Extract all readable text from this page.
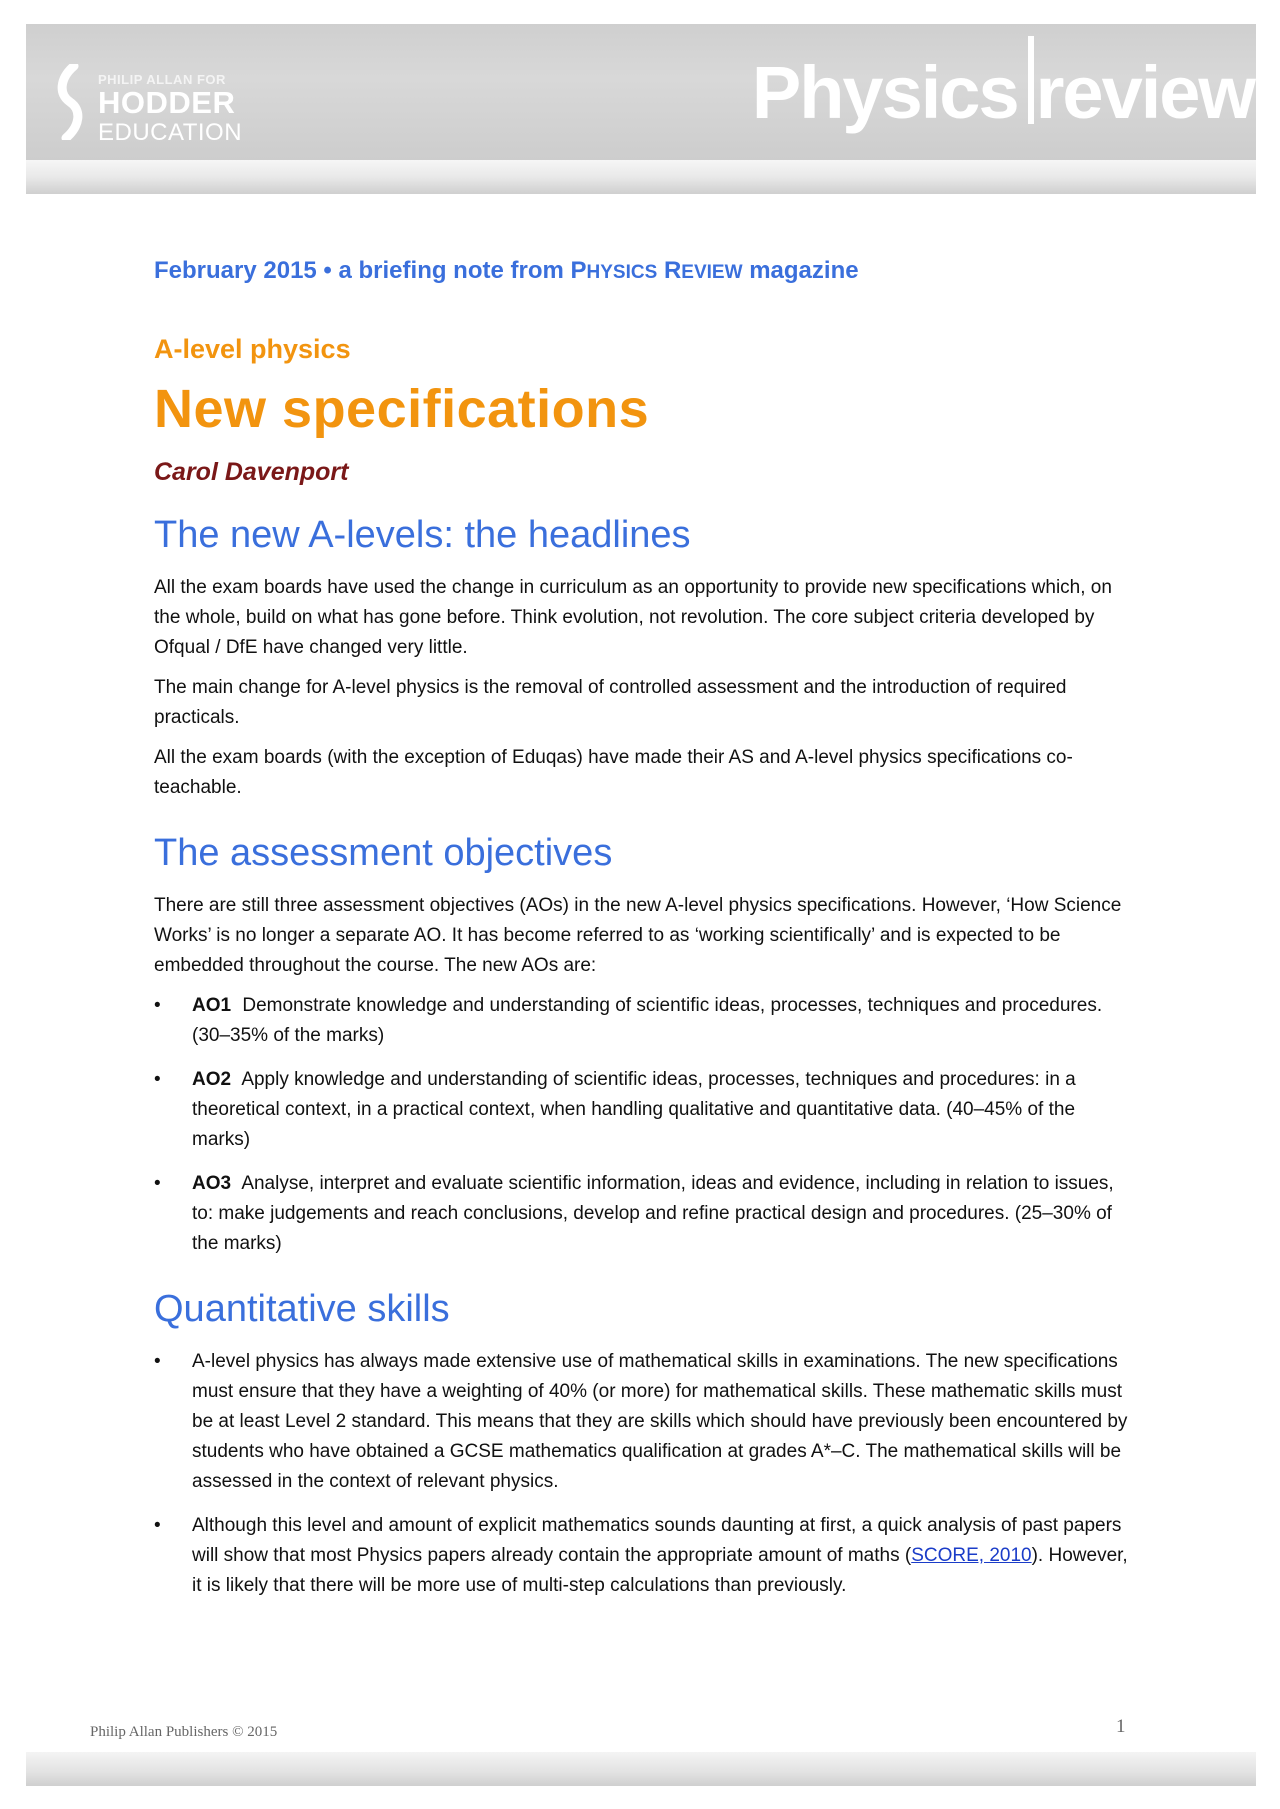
PHILIP ALLAN FOR
HODDER
EDUCATION	Physics review

February 2015 • a briefing note from PHYSICS REVIEW magazine

A-level physics
New specifications
Carol Davenport
The new A-levels: the headlines

All the exam boards have used the change in curriculum as an opportunity to provide new specifications which, on the whole, build on what has gone before. Think evolution, not revolution. The core subject criteria developed by Ofqual / DfE have changed very little.

The main change for A-level physics is the removal of controlled assessment and the introduction of required practicals.

All the exam boards (with the exception of Eduqas) have made their AS and A-level physics specifications co-teachable.

The assessment objectives

There are still three assessment objectives (AOs) in the new A-level physics specifications. However, ‘How Science Works’ is no longer a separate AO. It has become referred to as ‘working scientifically’ and is expected to be embedded throughout the course. The new AOs are:

• AO1 Demonstrate knowledge and understanding of scientific ideas, processes, techniques and procedures. (30–35% of the marks)
• AO2 Apply knowledge and understanding of scientific ideas, processes, techniques and procedures: in a theoretical context, in a practical context, when handling qualitative and quantitative data. (40–45% of the marks)
• AO3 Analyse, interpret and evaluate scientific information, ideas and evidence, including in relation to issues, to: make judgements and reach conclusions, develop and refine practical design and procedures. (25–30% of the marks)
Quantitative skills
• A-level physics has always made extensive use of mathematical skills in examinations. The new specifications must ensure that they have a weighting of 40% (or more) for mathematical skills. These mathematic skills must be at least Level 2 standard. This means that they are skills which should have previously been encountered by students who have obtained a GCSE mathematics qualification at grades A*–C. The mathematical skills will be assessed in the context of relevant physics.
• Although this level and amount of explicit mathematics sounds daunting at first, a quick analysis of past papers will show that most Physics papers already contain the appropriate amount of maths (SCORE, 2010). However, it is likely that there will be more use of multi-step calculations than previously.
Philip Allan Publishers © 2015	1
